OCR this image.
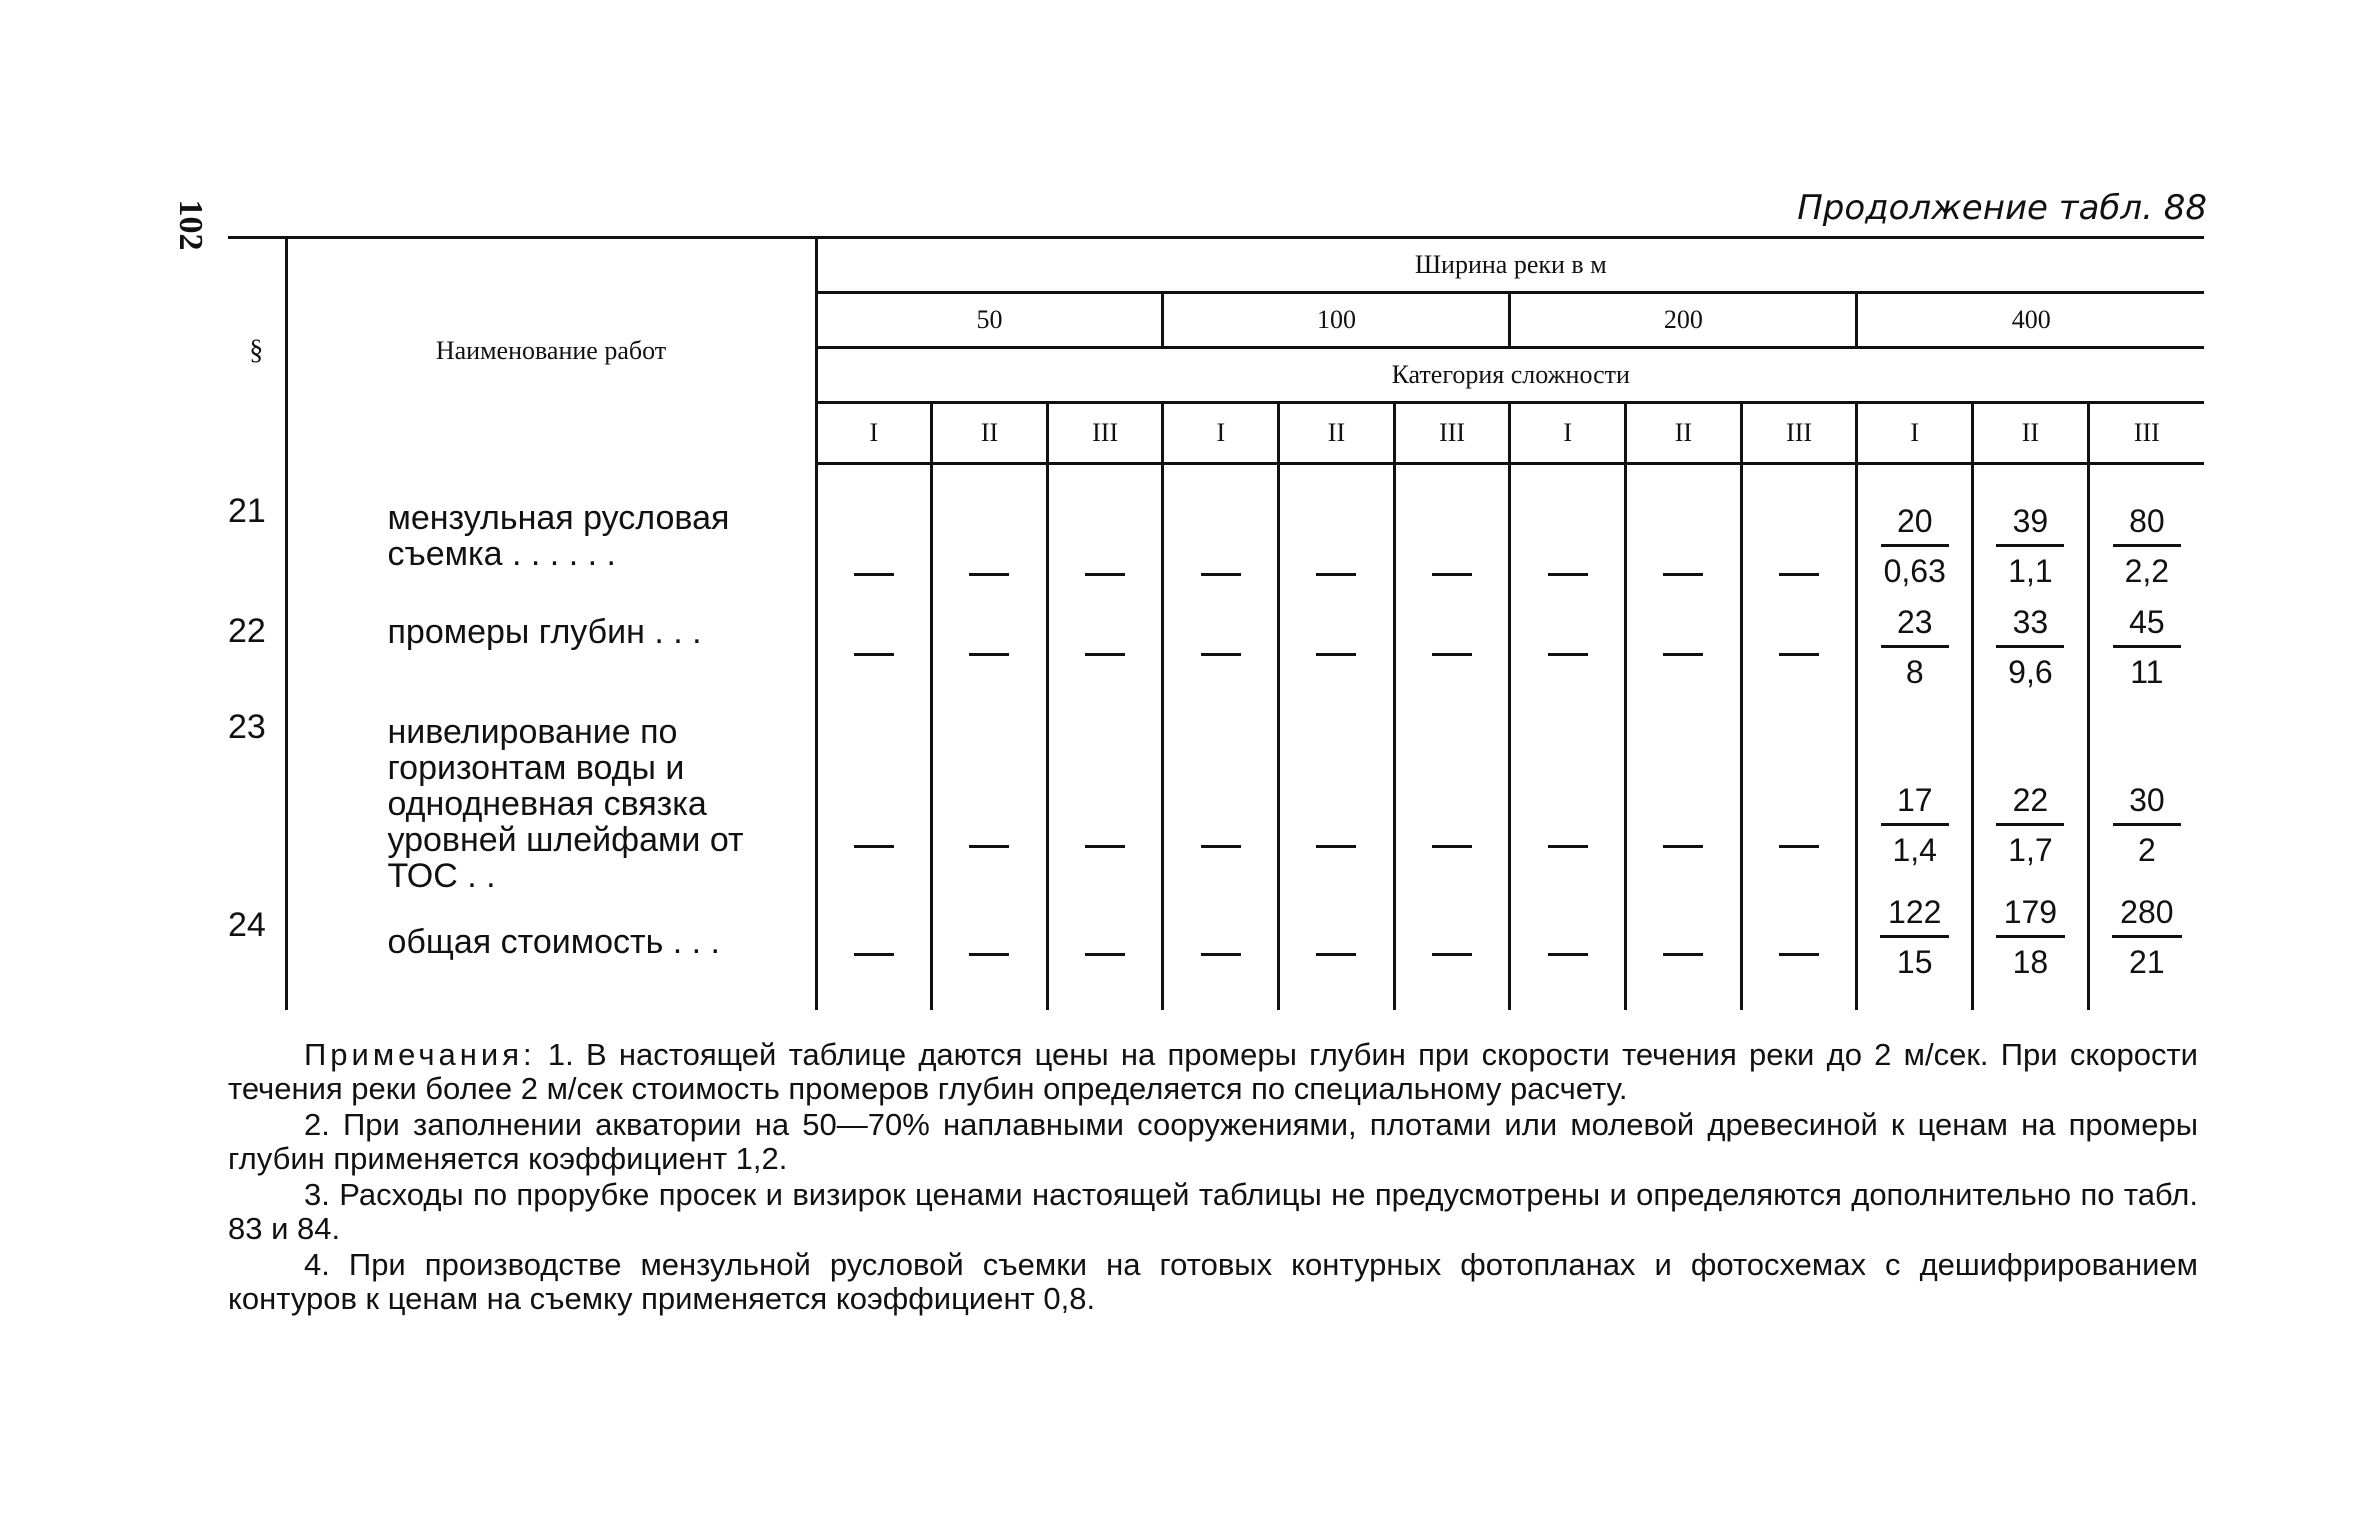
102	Продолжение табл. 88
§	Наименование работ	Ширина реки в м											
		50			100			200			400		
		Категория сложности											
		I	II	III	I	II	III	I	II	III	I	II	III
21	мензульная русловая съемка . . . . . .										$\frac{20}{0,63}$	$\frac{39}{1,1}$	$\frac{80}{2,2}$

22	промеры глубин . . .										$\frac{23}{8}$	$\frac{33}{9,6}$	$\frac{45}{11}$

23	нивелирование по горизонтам воды и однодневная связка уровней шлейфами от ТОС . .										$\frac{17}{1,4}$	$\frac{22}{1,7}$	$\frac{30}{2}$

24	общая стоимость . . .										$\frac{122}{15}$	$\frac{179}{18}$	$\frac{280}{21}$

Примечания: 1. В настоящей таблице даются цены на промеры глубин при скорости течения реки до 2 м/сек. При скорости течения реки более 2 м/сек стоимость промеров глубин определяется по специальному расчету.

2. При заполнении акватории на 50—70% наплавными сооружениями, плотами или молевой древесиной к ценам на промеры глубин применяется коэффициент 1,2.

3. Расходы по прорубке просек и визирок ценами настоящей таблицы не предусмотрены и определяются дополнительно по табл. 83 и 84.

4. При производстве мензульной русловой съемки на готовых контурных фотопланах и фотосхемах с дешифрированием контуров к ценам на съемку применяется коэффициент 0,8.
